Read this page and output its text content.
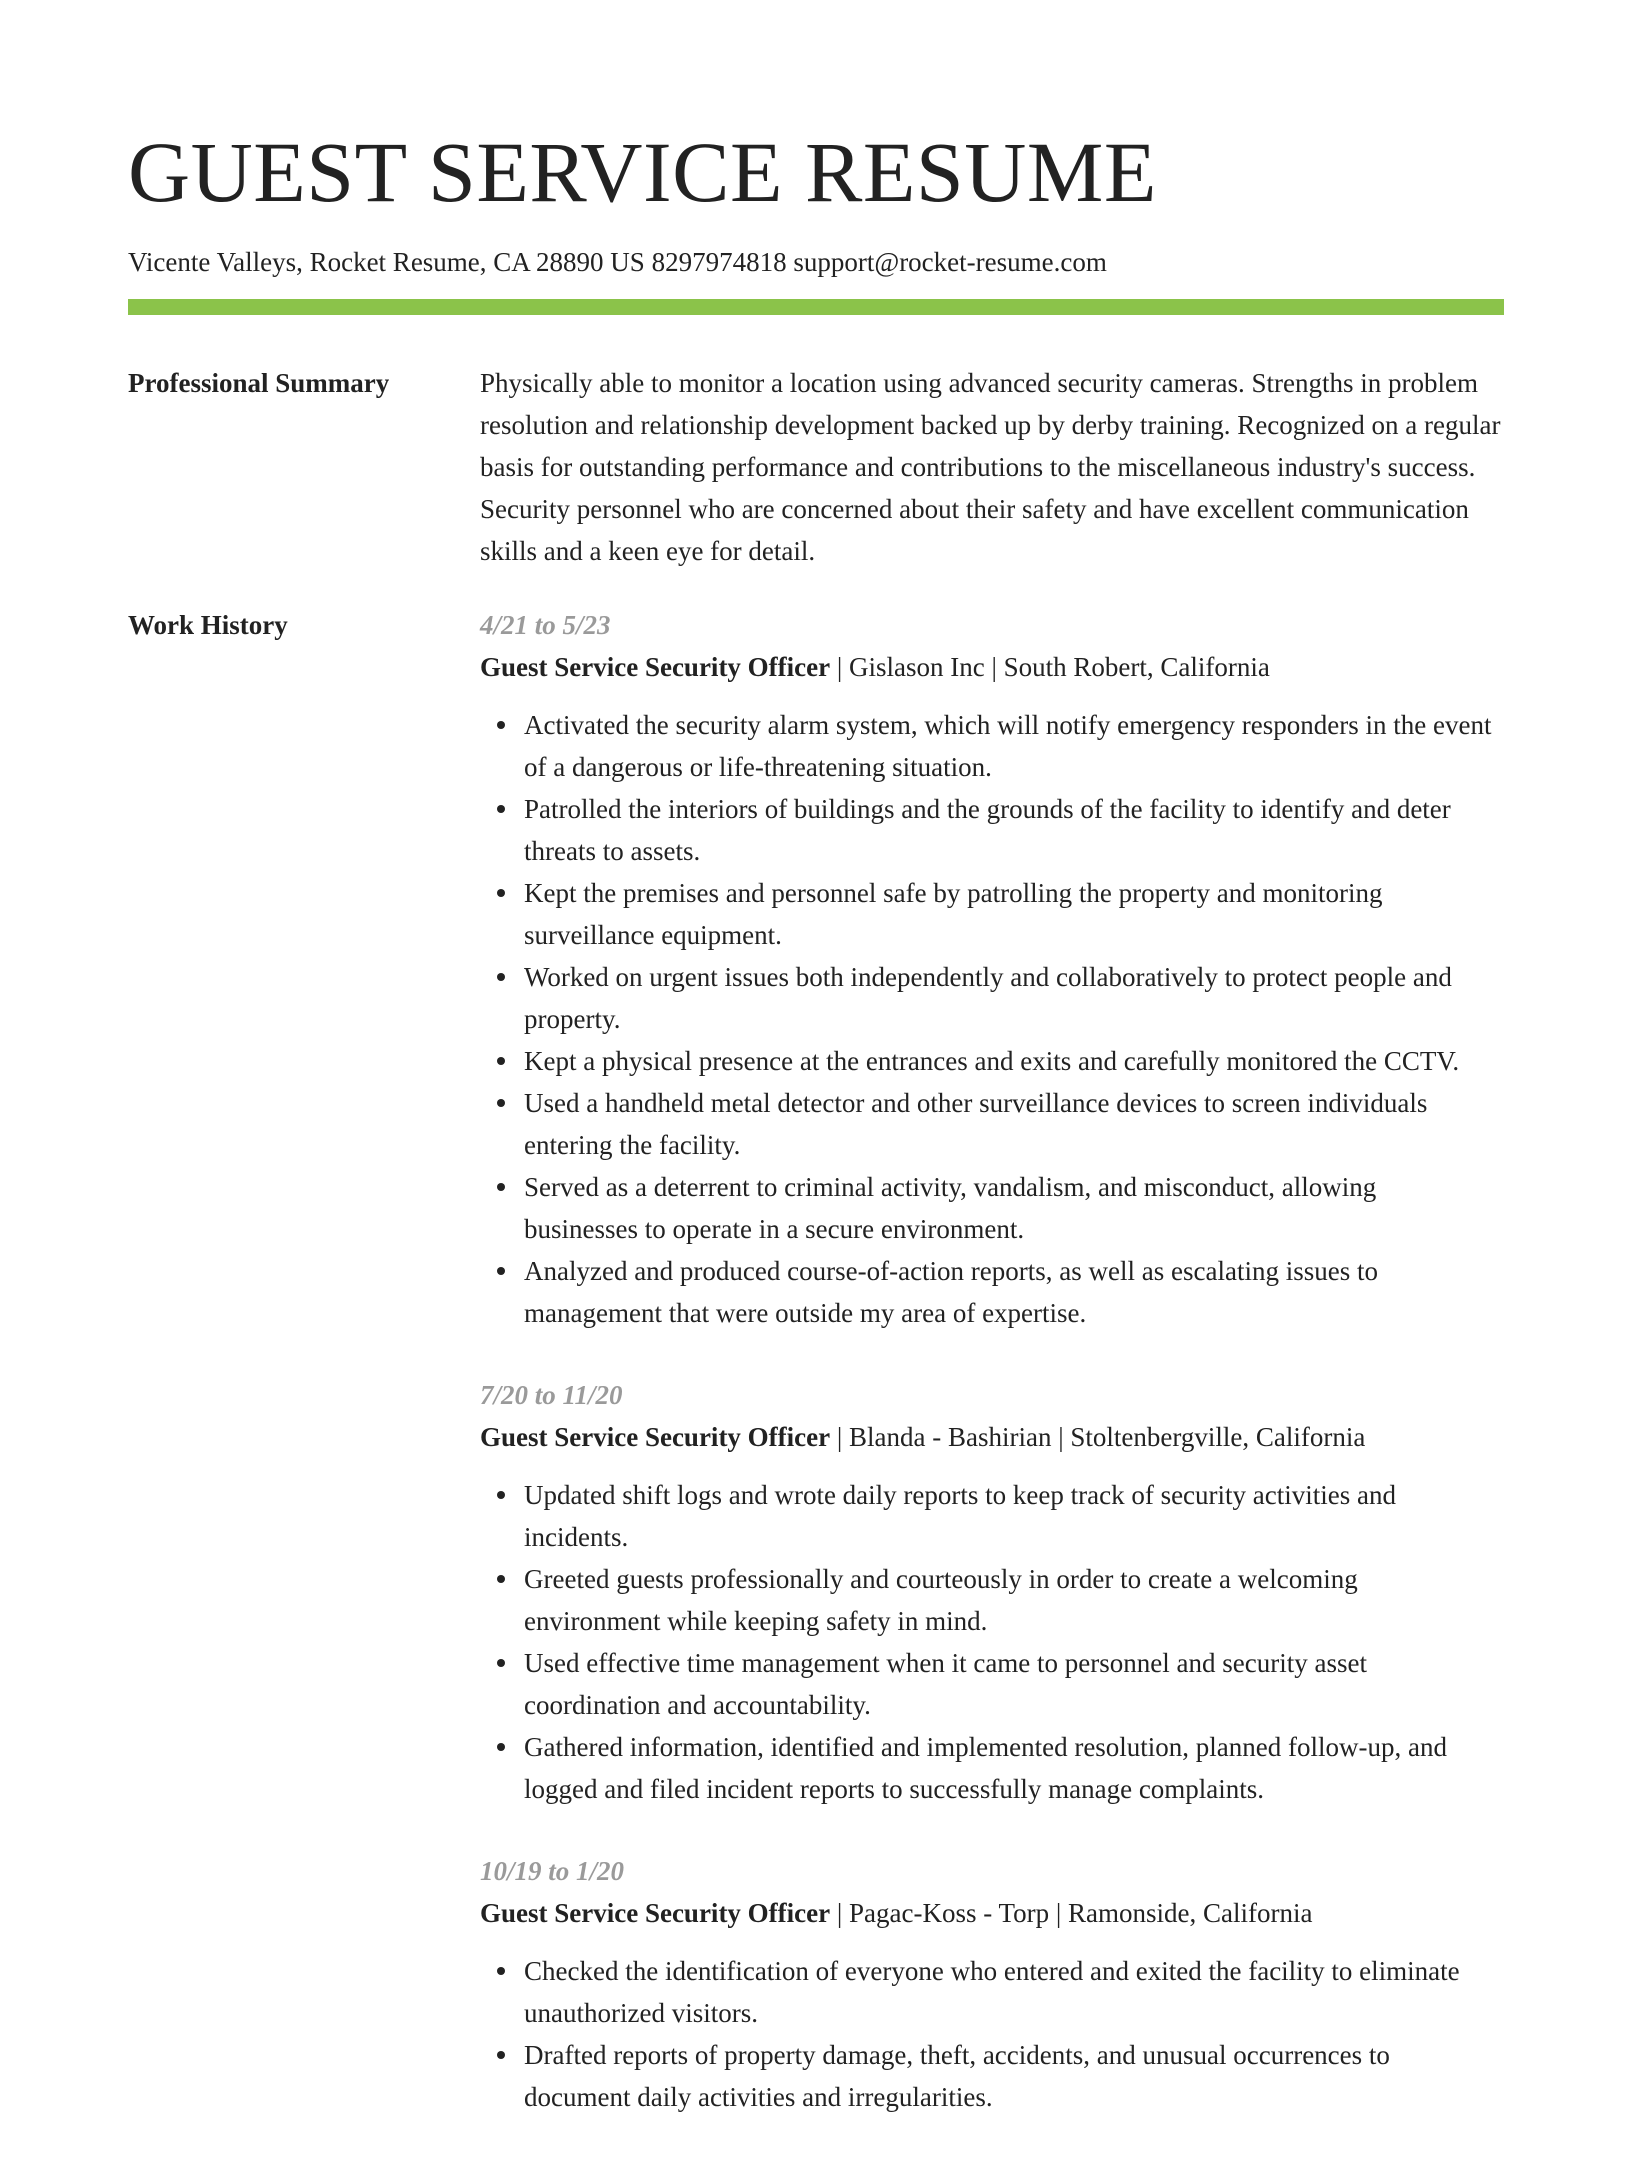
GUEST SERVICE RESUME
Vicente Valleys, Rocket Resume, CA 28890 US 8297974818 support@rocket-resume.com
Professional Summary	Physically able to monitor a location using advanced security cameras. Strengths in problem resolution and relationship development backed up by derby training. Recognized on a regular basis for outstanding performance and contributions to the miscellaneous industry's success. Security personnel who are concerned about their safety and have excellent communication skills and a keen eye for detail.

Work History	4/21 to 5/23
Guest Service Security Officer | Gislason Inc | South Robert, California
Activated the security alarm system, which will notify emergency responders in the event of a dangerous or life-threatening situation.
Patrolled the interiors of buildings and the grounds of the facility to identify and deter threats to assets.
Kept the premises and personnel safe by patrolling the property and monitoring surveillance equipment.
Worked on urgent issues both independently and collaboratively to protect people and property.
Kept a physical presence at the entrances and exits and carefully monitored the CCTV.
Used a handheld metal detector and other surveillance devices to screen individuals entering the facility.
Served as a deterrent to criminal activity, vandalism, and misconduct, allowing businesses to operate in a secure environment.
Analyzed and produced course-of-action reports, as well as escalating issues to management that were outside my area of expertise.
7/20 to 11/20
Guest Service Security Officer | Blanda - Bashirian | Stoltenbergville, California
Updated shift logs and wrote daily reports to keep track of security activities and incidents.
Greeted guests professionally and courteously in order to create a welcoming environment while keeping safety in mind.
Used effective time management when it came to personnel and security asset coordination and accountability.
Gathered information, identified and implemented resolution, planned follow-up, and logged and filed incident reports to successfully manage complaints.
10/19 to 1/20
Guest Service Security Officer | Pagac-Koss - Torp | Ramonside, California
Checked the identification of everyone who entered and exited the facility to eliminate unauthorized visitors.
Drafted reports of property damage, theft, accidents, and unusual occurrences to document daily activities and irregularities.
